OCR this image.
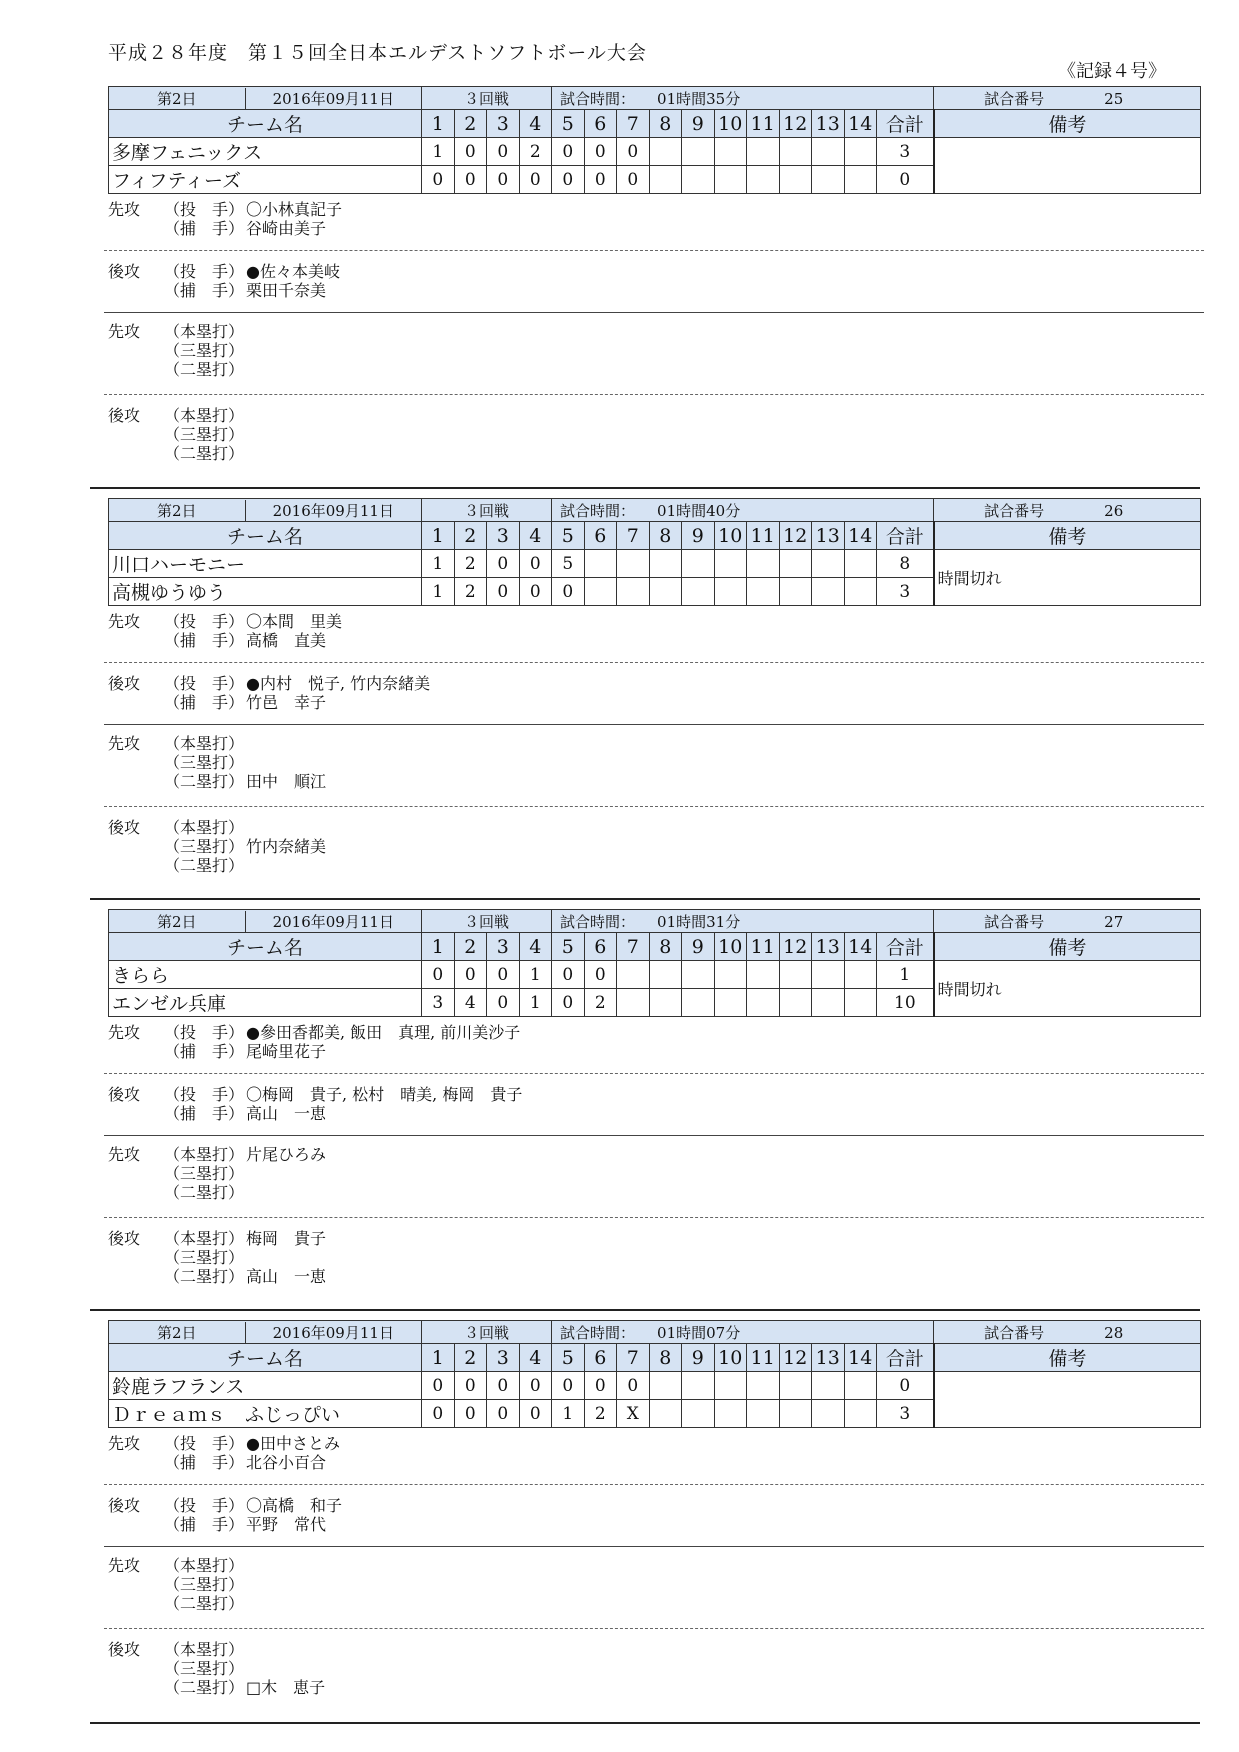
平成２８年度　第１５回全日本エルデストソフトボール大会
《記録４号》
第2日 2016年09月11日	３回戦				試合時間： 01時間35分											試合番号 25
チーム名	1	2	3	4	5	6	7	8	9	10	11	12	13	14	合計	備考
多摩フェニックス	1	0	0	2	0	0	0								3	
フィフティーズ	0	0	0	0	0	0	0								0	
先攻 （投　手） 〇小林真記子
（捕　手） 谷崎由美子
後攻 （投　手） ●佐々本美岐
（捕　手） 栗田千奈美
先攻 （本塁打）
（三塁打）
（二塁打）
後攻 （本塁打）
（三塁打）
（二塁打）
第2日 2016年09月11日	３回戦				試合時間： 01時間40分											試合番号 26
チーム名	1	2	3	4	5	6	7	8	9	10	11	12	13	14	合計	備考
川口ハーモニー	1	2	0	0	5										8	時間切れ
高槻ゆうゆう	1	2	0	0	0										3	
先攻 （投　手） 〇本間　里美
（捕　手） 高橋　直美
後攻 （投　手） ●内村　悦子, 竹内奈緒美
（捕　手） 竹邑　幸子
先攻 （本塁打）
（三塁打）
（二塁打） 田中　順江
後攻 （本塁打）
（三塁打） 竹内奈緒美
（二塁打）
第2日 2016年09月11日	３回戦				試合時間： 01時間31分											試合番号 27
チーム名	1	2	3	4	5	6	7	8	9	10	11	12	13	14	合計	備考
きらら	0	0	0	1	0	0									1	時間切れ
エンゼル兵庫	3	4	0	1	0	2									10	
先攻 （投　手） ●參田香都美, 飯田　真理, 前川美沙子
（捕　手） 尾崎里花子
後攻 （投　手） 〇梅岡　貴子, 松村　晴美, 梅岡　貴子
（捕　手） 高山　一恵
先攻 （本塁打） 片尾ひろみ
（三塁打）
（二塁打）
後攻 （本塁打） 梅岡　貴子
（三塁打）
（二塁打） 高山　一恵
第2日 2016年09月11日	３回戦				試合時間： 01時間07分											試合番号 28
チーム名	1	2	3	4	5	6	7	8	9	10	11	12	13	14	合計	備考
鈴鹿ラフランス	0	0	0	0	0	0	0								0	
Ｄｒｅａｍｓ　ふじっぴい	0	0	0	0	1	2	X								3	
先攻 （投　手） ●田中さとみ
（捕　手） 北谷小百合
後攻 （投　手） 〇高橋　和子
（捕　手） 平野　常代
先攻 （本塁打）
（三塁打）
（二塁打）
後攻 （本塁打）
（三塁打）
（二塁打） □木　恵子
